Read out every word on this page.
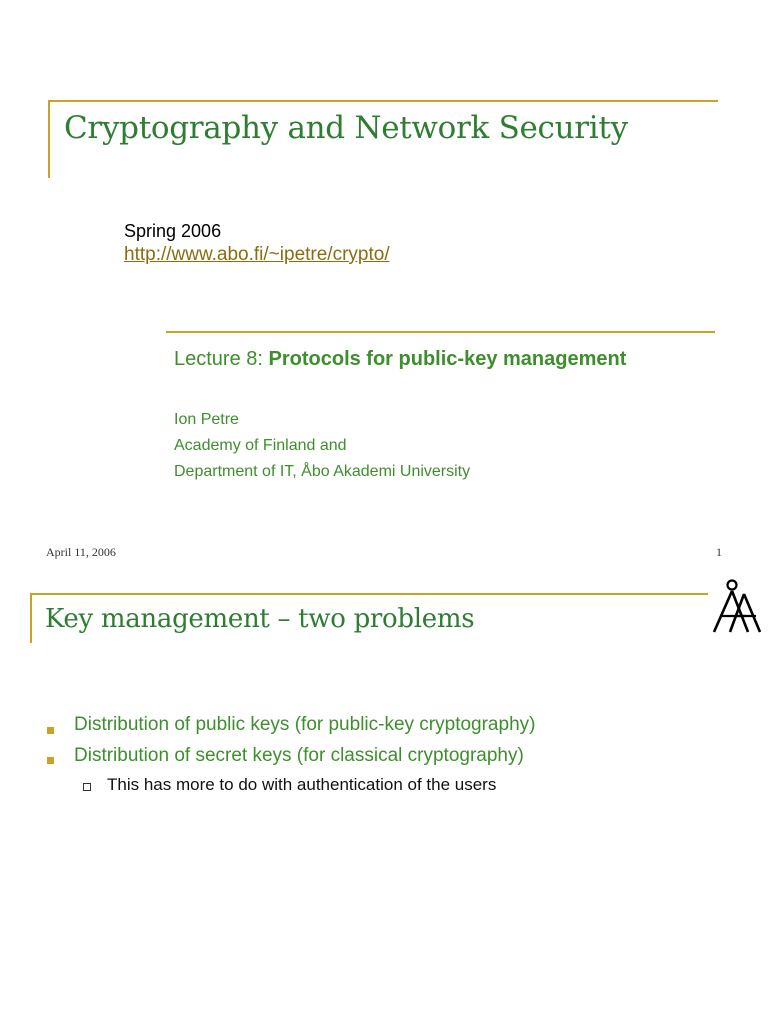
Cryptography and Network Security
Spring 2006
http://www.abo.fi/~ipetre/crypto/
Lecture 8: Protocols for public-key management
Ion Petre
Academy of Finland and
Department of IT, Åbo Akademi University
April 11, 2006	1
Key management – two problems
Distribution of public keys (for public-key cryptography)
Distribution of secret keys (for classical cryptography)
This has more to do with authentication of the users
